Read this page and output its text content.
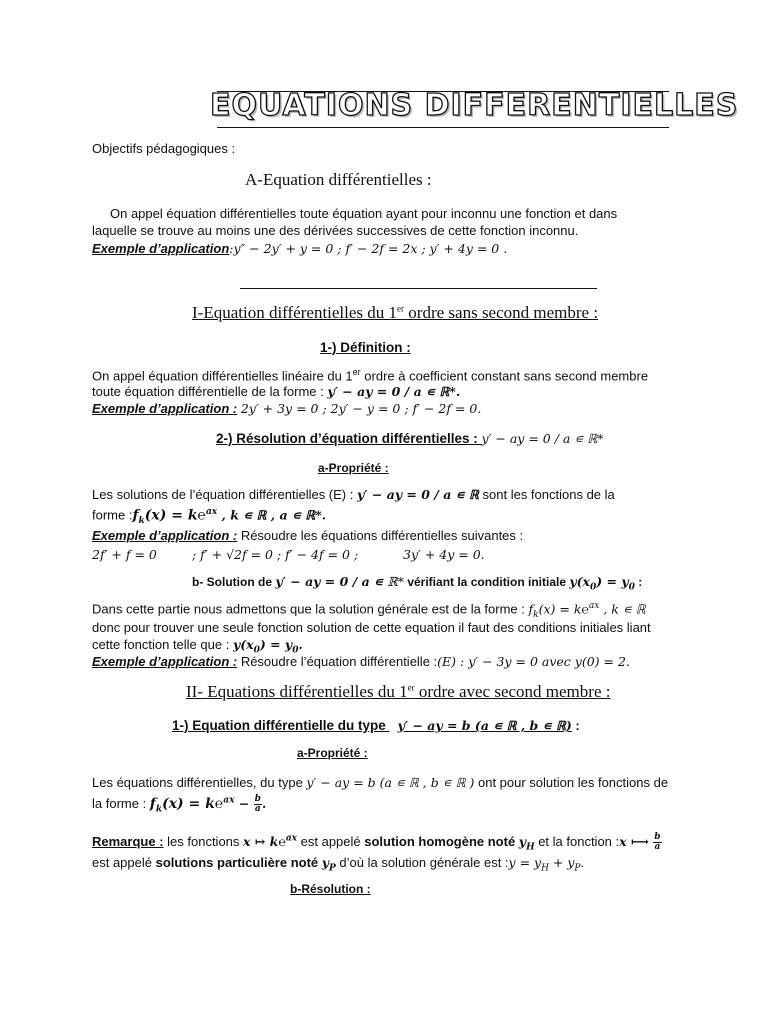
EQUATIONS DIFFERENTIELLES
Objectifs pédagogiques :
A-Equation différentielles :
On appel équation différentielles toute équation ayant pour inconnu une fonction et dans
laquelle se trouve au moins une des dérivées successives de cette fonction inconnu.
Exemple d’application:y″ − 2y′ + y = 0 ; f′ − 2f = 2x ; y′ + 4y = 0 .
I-Equation différentielles du 1er ordre sans second membre :
1-) Définition :
On appel équation différentielles linéaire du 1er ordre à coefficient constant sans second membre
toute équation différentielle de la forme : y′ − ay = 0 / a ∊ ℝ*.
Exemple d’application : 2y′ + 3y = 0 ; 2y′ − y = 0 ; f′ − 2f = 0.
2-) Résolution d’équation différentielles : y′ − ay = 0 / a ∊ ℝ*
a-Propriété :
Les solutions de l’équation différentielles (E) : y′ − ay = 0 / a ∊ ℝ sont les fonctions de la
forme $:f_k(x)$ = k℮$^{ax}$ , k ∊ ℝ , a ∊ ℝ*.
Exemple d’application : Résoudre les équations différentielles suivantes :
2f′ + f = 0	; f′ + √2f = 0 ; f′ − 4f = 0 ;	3y′ + 4y = 0.
b- Solution de y′ − ay = 0 / a ∊ ℝ* vérifiant la condition initiale $y(x_0) = y_0$ :
Dans cette partie nous admettons que la solution générale est de la forme : $f_k(x)$ = k℮$^{ax}$ , k ∊ ℝ
donc pour trouver une seule fonction solution de cette equation il faut des conditions initiales liant
cette fonction telle que : $y(x_0) = y_0$.
Exemple d’application : Résoudre l’équation différentielle :(E) : y′ − 3y = 0 avec y(0) = 2.
II- Equations différentielles du 1er ordre avec second membre :
1-) Equation différentielle du type y′ − ay = b (a ∊ ℝ , b ∊ ℝ) :
a-Propriété :
Les équations différentielles, du type y′ − ay = b (a ∊ ℝ , b ∊ ℝ ) ont pour solution les fonctions de
la forme : $f_k(x)$ = k℮$^{ax}$ − $\frac{b}{a}$ .
Remarque : les fonctions x ↦ k℮$^{ax}$ est appelé solution homogène noté $y_H$ et la fonction :x ⟼ $\frac{b}{a}$
est appelé solutions particulière noté $y_P$ d’où la solution générale est :y = $y_H + y_P$.
b-Résolution :
